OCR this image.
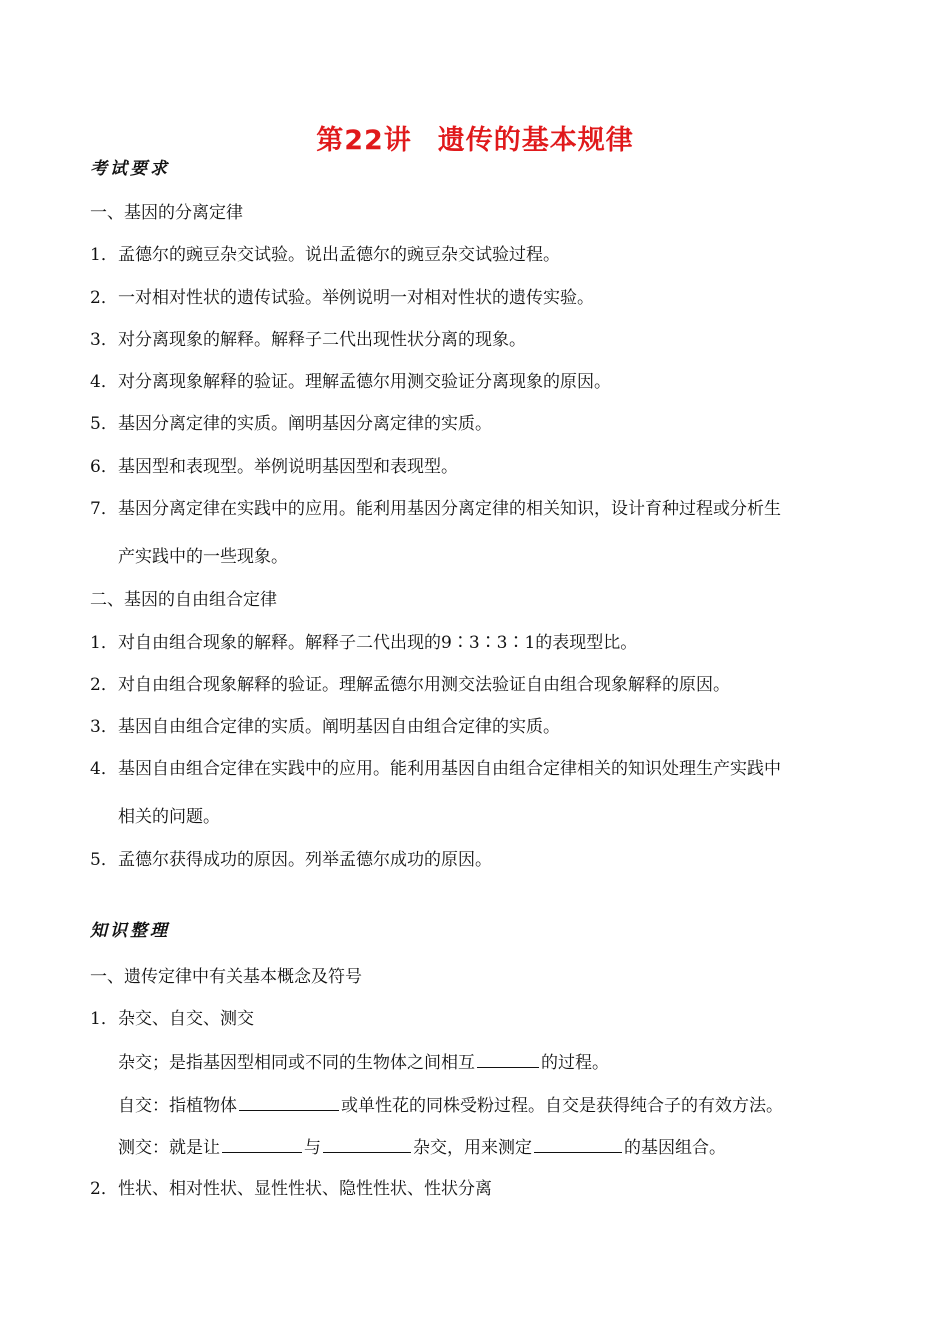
第22讲 遗传的基本规律
考试要求
一、基因的分离定律
1．孟德尔的豌豆杂交试验。说出孟德尔的豌豆杂交试验过程。
2．一对相对性状的遗传试验。举例说明一对相对性状的遗传实验。
3．对分离现象的解释。解释子二代出现性状分离的现象。
4．对分离现象解释的验证。理解孟德尔用测交验证分离现象的原因。
5．基因分离定律的实质。阐明基因分离定律的实质。
6．基因型和表现型。举例说明基因型和表现型。
7．基因分离定律在实践中的应用。能利用基因分离定律的相关知识，设计育种过程或分析生
产实践中的一些现象。
二、基因的自由组合定律
1．对自由组合现象的解释。解释子二代出现的9∶3∶3∶1的表现型比。
2．对自由组合现象解释的验证。理解孟德尔用测交法验证自由组合现象解释的原因。
3．基因自由组合定律的实质。阐明基因自由组合定律的实质。
4．基因自由组合定律在实践中的应用。能利用基因自由组合定律相关的知识处理生产实践中
相关的问题。
5．孟德尔获得成功的原因。列举孟德尔成功的原因。
知识整理
一、遗传定律中有关基本概念及符号
1．杂交、自交、测交
杂交；是指基因型相同或不同的生物体之间相互	的过程。
自交：指植物体	或单性花的同株受粉过程。自交是获得纯合子的有效方法。
测交：就是让	与	杂交，用来测定	的基因组合。
2．性状、相对性状、显性性状、隐性性状、性状分离
